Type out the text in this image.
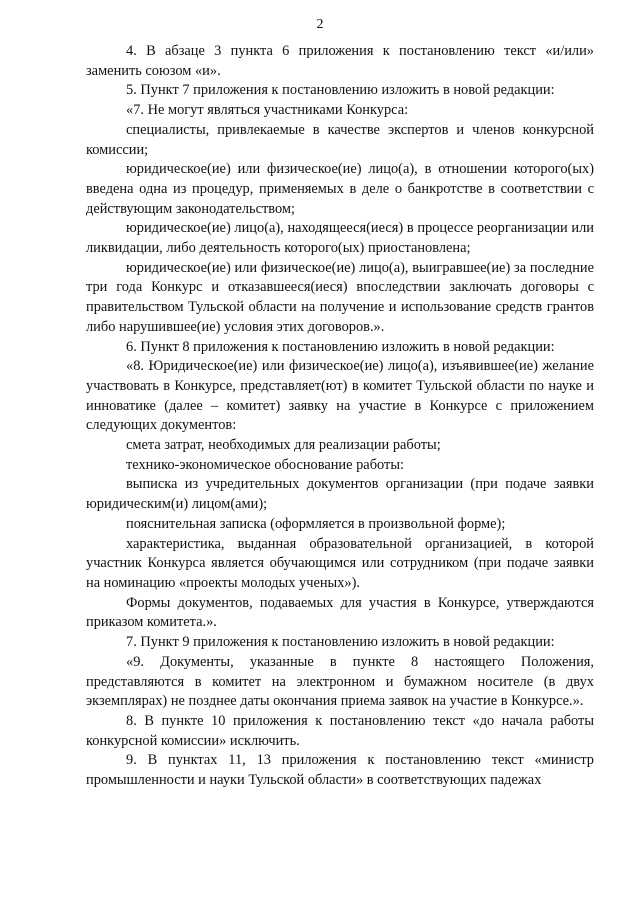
2

4. В абзаце 3 пункта 6 приложения к постановлению текст «и/или» заменить союзом «и».

5. Пункт 7 приложения к постановлению изложить в новой редакции:

«7. Не могут являться участниками Конкурса:

специалисты, привлекаемые в качестве экспертов и членов конкурсной комиссии;

юридическое(ие) или физическое(ие) лицо(а), в отношении которого(ых) введена одна из процедур, применяемых в деле о банкротстве в соответствии с действующим законодательством;

юридическое(ие) лицо(а), находящееся(иеся) в процессе реорганизации или ликвидации, либо деятельность которого(ых) приостановлена;

юридическое(ие) или физическое(ие) лицо(а), выигравшее(ие) за последние три года Конкурс и отказавшееся(иеся) впоследствии заключать договоры с правительством Тульской области на получение и использование средств грантов либо нарушившее(ие) условия этих договоров.».

6. Пункт 8 приложения к постановлению изложить в новой редакции:

«8. Юридическое(ие) или физическое(ие) лицо(а), изъявившее(ие) желание участвовать в Конкурсе, представляет(ют) в комитет Тульской области по науке и инноватике (далее – комитет) заявку на участие в Конкурсе с приложением следующих документов:

смета затрат, необходимых для реализации работы;

технико-экономическое обоснование работы:

выписка из учредительных документов организации (при подаче заявки юридическим(и) лицом(ами);

пояснительная записка (оформляется в произвольной форме);

характеристика, выданная образовательной организацией, в которой участник Конкурса является обучающимся или сотрудником (при подаче заявки на номинацию «проекты молодых ученых»).

Формы документов, подаваемых для участия в Конкурсе, утверждаются приказом комитета.».

7. Пункт 9 приложения к постановлению изложить в новой редакции:

«9. Документы, указанные в пункте 8 настоящего Положения, представляются в комитет на электронном и бумажном носителе (в двух экземплярах) не позднее даты окончания приема заявок на участие в Конкурсе.».

8. В пункте 10 приложения к постановлению текст «до начала работы конкурсной комиссии» исключить.

9. В пунктах 11, 13 приложения к постановлению текст «министр промышленности и науки Тульской области» в соответствующих падежах
